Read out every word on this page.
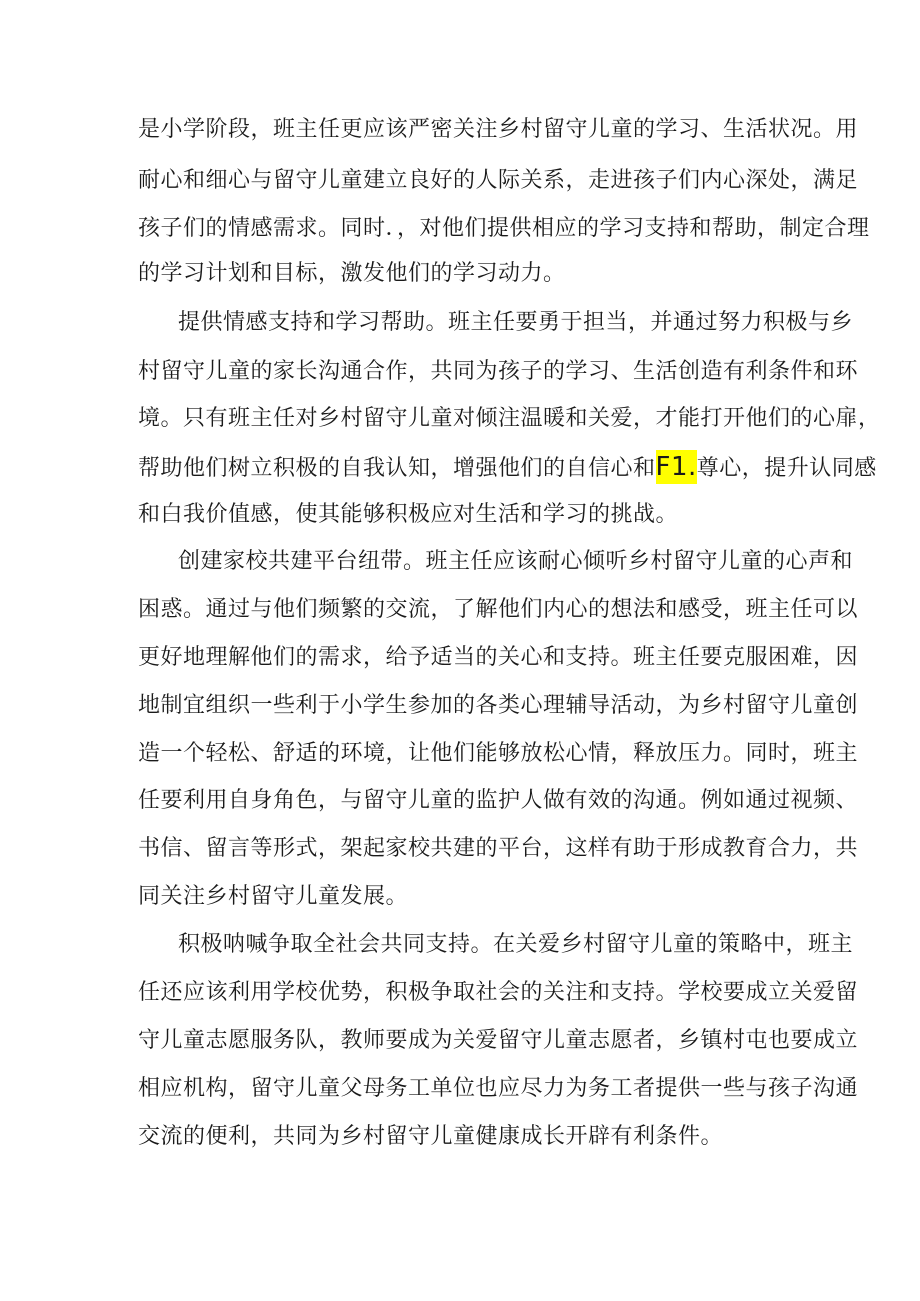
是小学阶段，班主任更应该严密关注乡村留守儿童的学习、生活状况。用

耐心和细心与留守儿童建立良好的人际关系，走进孩子们内心深处，满足

孩子们的情感需求。同时．，对他们提供相应的学习支持和帮助，制定合理

的学习计划和目标，激发他们的学习动力。

提供情感支持和学习帮助。班主任要勇于担当，并通过努力积极与乡

村留守儿童的家长沟通合作，共同为孩子的学习、生活创造有利条件和环

境。只有班主任对乡村留守儿童对倾注温暖和关爱，才能打开他们的心扉，

帮助他们树立积极的自我认知，增强他们的自信心和F1.尊心，提升认同感

和白我价值感，使其能够积极应对生活和学习的挑战。

创建家校共建平台纽带。班主任应该耐心倾听乡村留守儿童的心声和

困惑。通过与他们频繁的交流，了解他们内心的想法和感受，班主任可以

更好地理解他们的需求，给予适当的关心和支持。班主任要克服困难，因

地制宜组织一些利于小学生参加的各类心理辅导活动，为乡村留守儿童创

造一个轻松、舒适的环境，让他们能够放松心情，释放压力。同时，班主

任要利用自身角色，与留守儿童的监护人做有效的沟通。例如通过视频、

书信、留言等形式，架起家校共建的平台，这样有助于形成教育合力，共

同关注乡村留守儿童发展。

积极呐喊争取全社会共同支持。在关爱乡村留守儿童的策略中，班主

任还应该利用学校优势，积极争取社会的关注和支持。学校要成立关爱留

守儿童志愿服务队，教师要成为关爱留守儿童志愿者，乡镇村屯也要成立

相应机构，留守儿童父母务工单位也应尽力为务工者提供一些与孩子沟通

交流的便利，共同为乡村留守儿童健康成长开辟有利条件。
